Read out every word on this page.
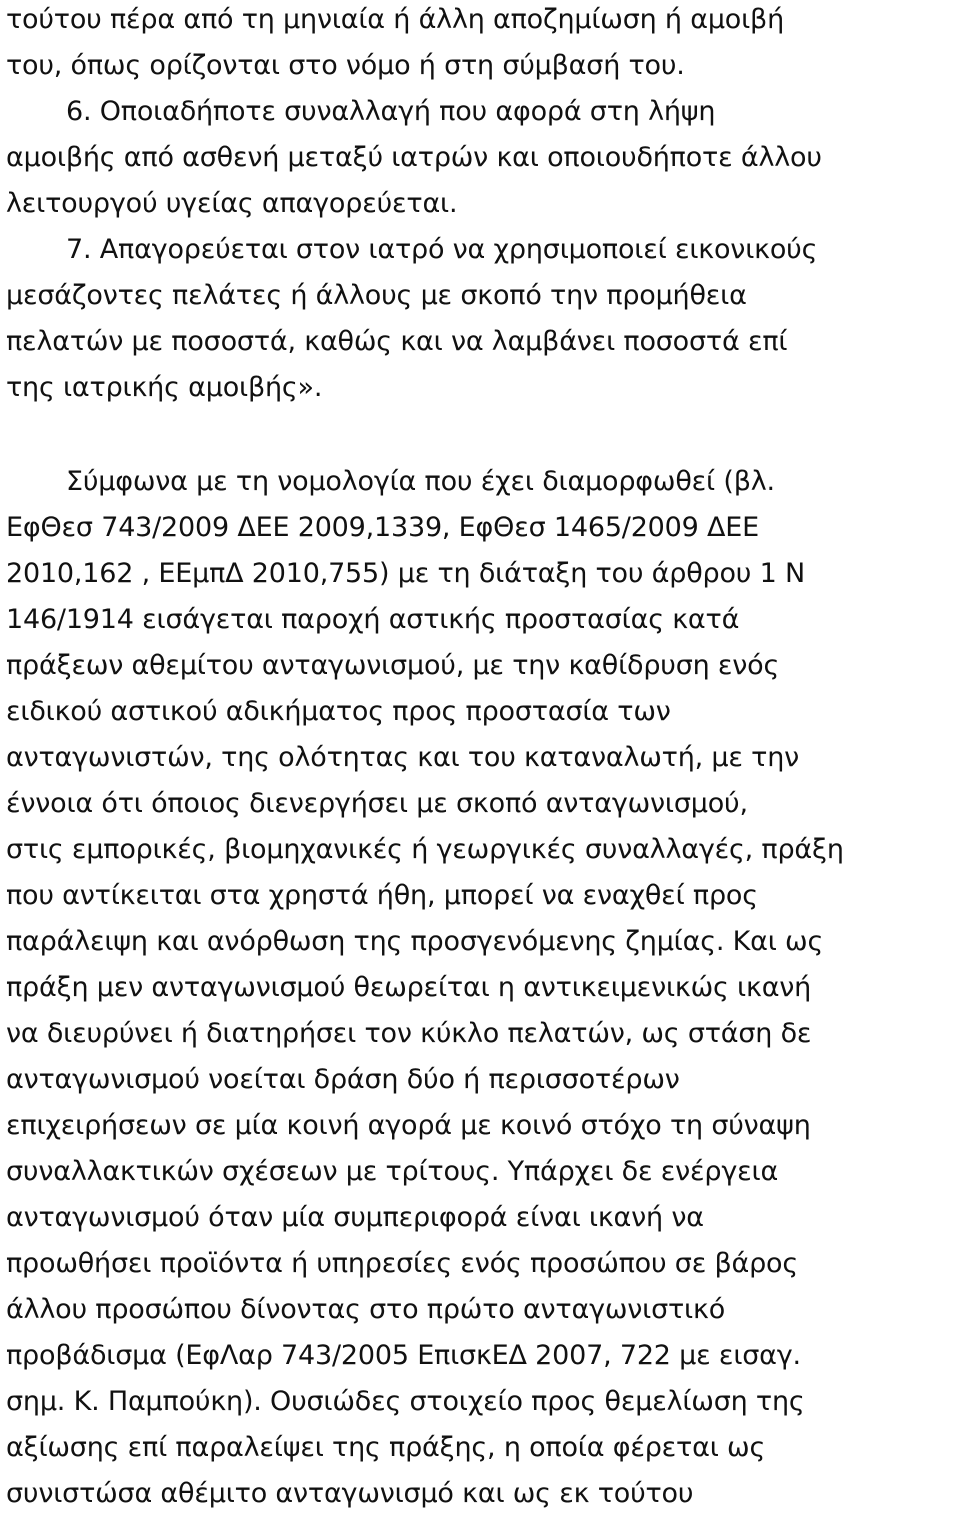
τούτου πέρα από τη μηνιαία ή άλλη αποζημίωση ή αμοιβή
του, όπως ορίζονται στο νόμο ή στη σύμβασή του.
6. Οποιαδήποτε συναλλαγή που αφορά στη λήψη
αμοιβής από ασθενή μεταξύ ιατρών και οποιουδήποτε άλλου
λειτουργού υγείας απαγορεύεται.
7. Απαγορεύεται στον ιατρό να χρησιμοποιεί εικονικούς
μεσάζοντες πελάτες ή άλλους με σκοπό την προμήθεια
πελατών με ποσοστά, καθώς και να λαμβάνει ποσοστά επί
της ιατρικής αμοιβής».
Σύμφωνα με τη νομολογία που έχει διαμορφωθεί (βλ.
ΕφΘεσ 743/2009 ΔΕΕ 2009,1339, ΕφΘεσ 1465/2009 ΔΕΕ
2010,162 , ΕΕμπΔ 2010,755) με τη διάταξη του άρθρου 1 Ν
146/1914 εισάγεται παροχή αστικής προστασίας κατά
πράξεων αθεμίτου ανταγωνισμού, με την καθίδρυση ενός
ειδικού αστικού αδικήματος προς προστασία των
ανταγωνιστών, της ολότητας και του καταναλωτή, με την
έννοια ότι όποιος διενεργήσει με σκοπό ανταγωνισμού,
στις εμπορικές, βιομηχανικές ή γεωργικές συναλλαγές, πράξη
που αντίκειται στα χρηστά ήθη, μπορεί να εναχθεί προς
παράλειψη και ανόρθωση της προσγενόμενης ζημίας. Και ως
πράξη μεν ανταγωνισμού θεωρείται η αντικειμενικώς ικανή
να διευρύνει ή διατηρήσει τον κύκλο πελατών, ως στάση δε
ανταγωνισμού νοείται δράση δύο ή περισσοτέρων
επιχειρήσεων σε μία κοινή αγορά με κοινό στόχο τη σύναψη
συναλλακτικών σχέσεων με τρίτους. Υπάρχει δε ενέργεια
ανταγωνισμού όταν μία συμπεριφορά είναι ικανή να
προωθήσει προϊόντα ή υπηρεσίες ενός προσώπου σε βάρος
άλλου προσώπου δίνοντας στο πρώτο ανταγωνιστικό
προβάδισμα (ΕφΛαρ 743/2005 ΕπισκΕΔ 2007, 722 με εισαγ.
σημ. Κ. Παμπούκη). Ουσιώδες στοιχείο προς θεμελίωση της
αξίωσης επί παραλείψει της πράξης, η οποία φέρεται ως
συνιστώσα αθέμιτο ανταγωνισμό και ως εκ τούτου
